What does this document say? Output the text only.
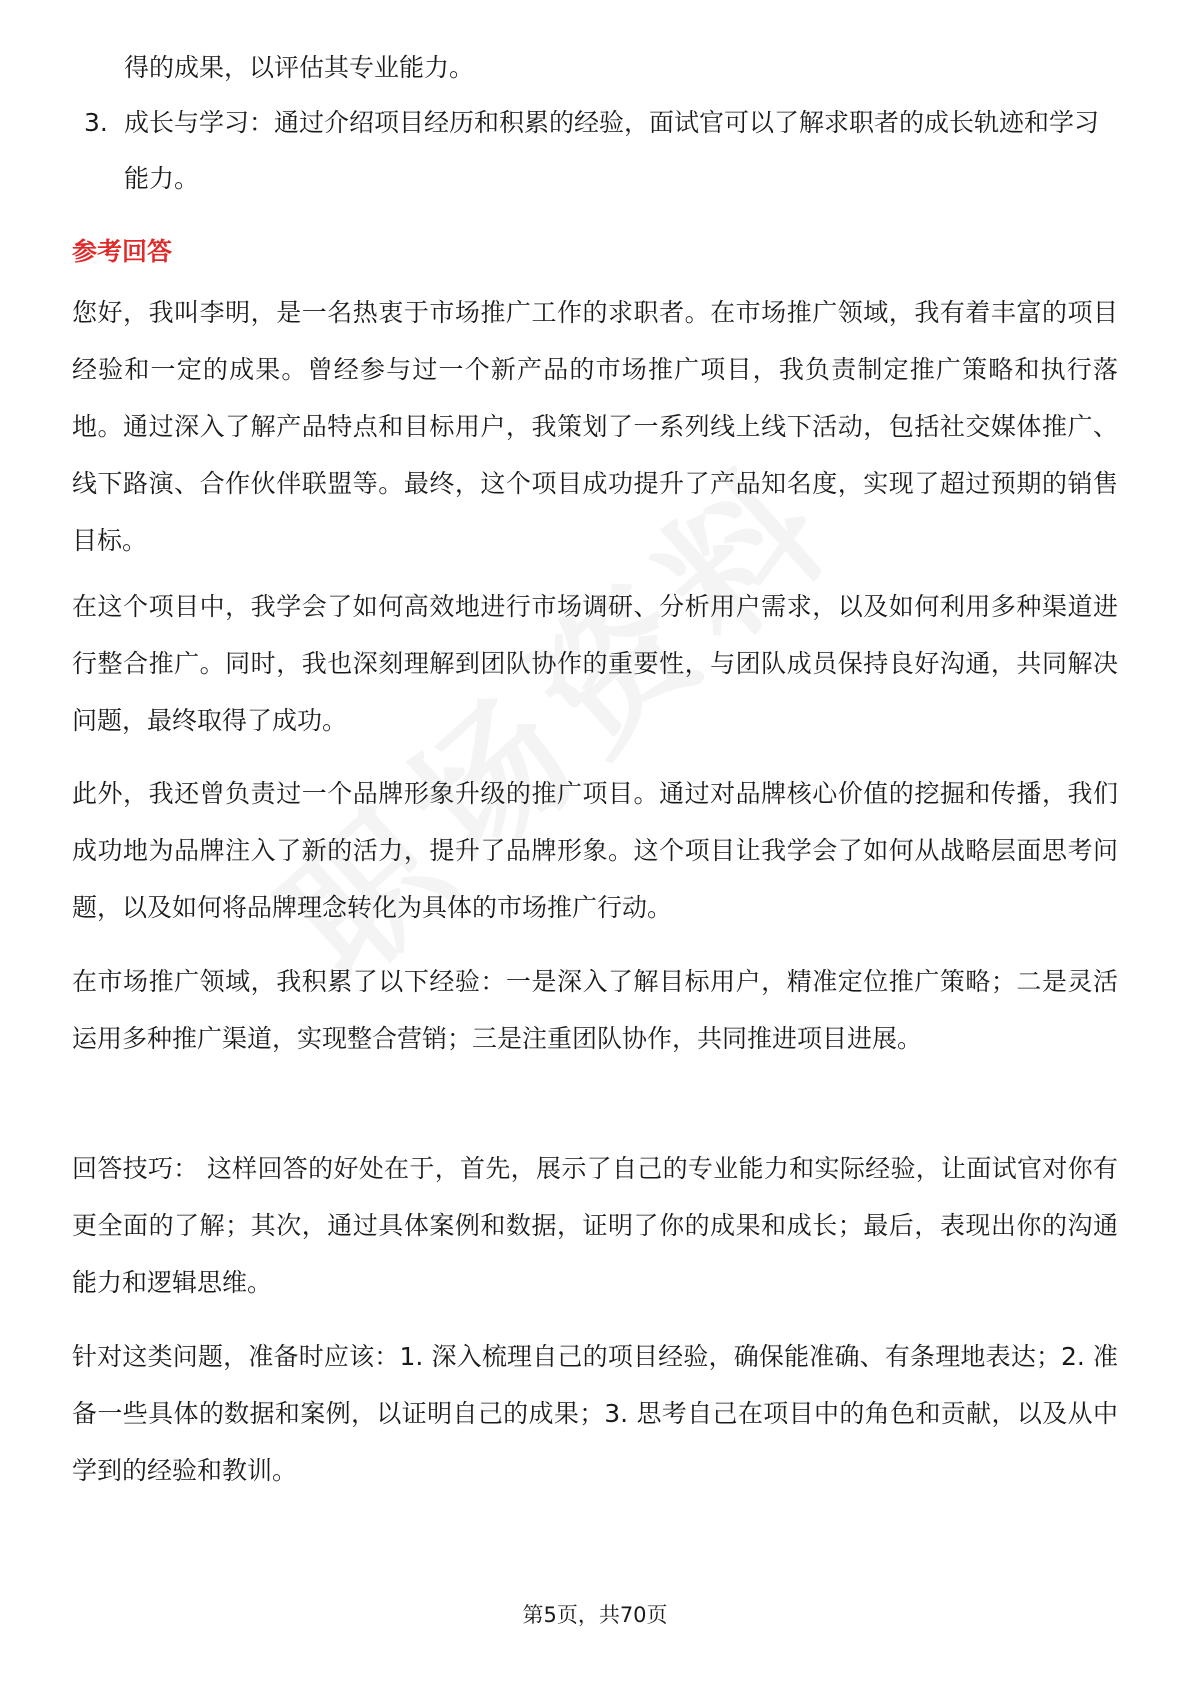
得的成果，以评估其专业能力。

3. 成长与学习：通过介绍项目经历和积累的经验，面试官可以了解求职者的成长轨迹和学习能力。
参考回答

您好，我叫李明，是一名热衷于市场推广工作的求职者。在市场推广领域，我有着丰富的项目经验和一定的成果。曾经参与过一个新产品的市场推广项目，我负责制定推广策略和执行落地。通过深入了解产品特点和目标用户，我策划了一系列线上线下活动，包括社交媒体推广、线下路演、合作伙伴联盟等。最终，这个项目成功提升了产品知名度，实现了超过预期的销售目标。

在这个项目中，我学会了如何高效地进行市场调研、分析用户需求，以及如何利用多种渠道进行整合推广。同时，我也深刻理解到团队协作的重要性，与团队成员保持良好沟通，共同解决问题，最终取得了成功。

此外，我还曾负责过一个品牌形象升级的推广项目。通过对品牌核心价值的挖掘和传播，我们成功地为品牌注入了新的活力，提升了品牌形象。这个项目让我学会了如何从战略层面思考问题，以及如何将品牌理念转化为具体的市场推广行动。

在市场推广领域，我积累了以下经验：一是深入了解目标用户，精准定位推广策略；二是灵活运用多种推广渠道，实现整合营销；三是注重团队协作，共同推进项目进展。

回答技巧： 这样回答的好处在于，首先，展示了自己的专业能力和实际经验，让面试官对你有更全面的了解；其次，通过具体案例和数据，证明了你的成果和成长；最后，表现出你的沟通能力和逻辑思维。

针对这类问题，准备时应该：1. 深入梳理自己的项目经验，确保能准确、有条理地表达；2. 准备一些具体的数据和案例，以证明自己的成果；3. 思考自己在项目中的角色和贡献，以及从中学到的经验和教训。

第5页，共70页
